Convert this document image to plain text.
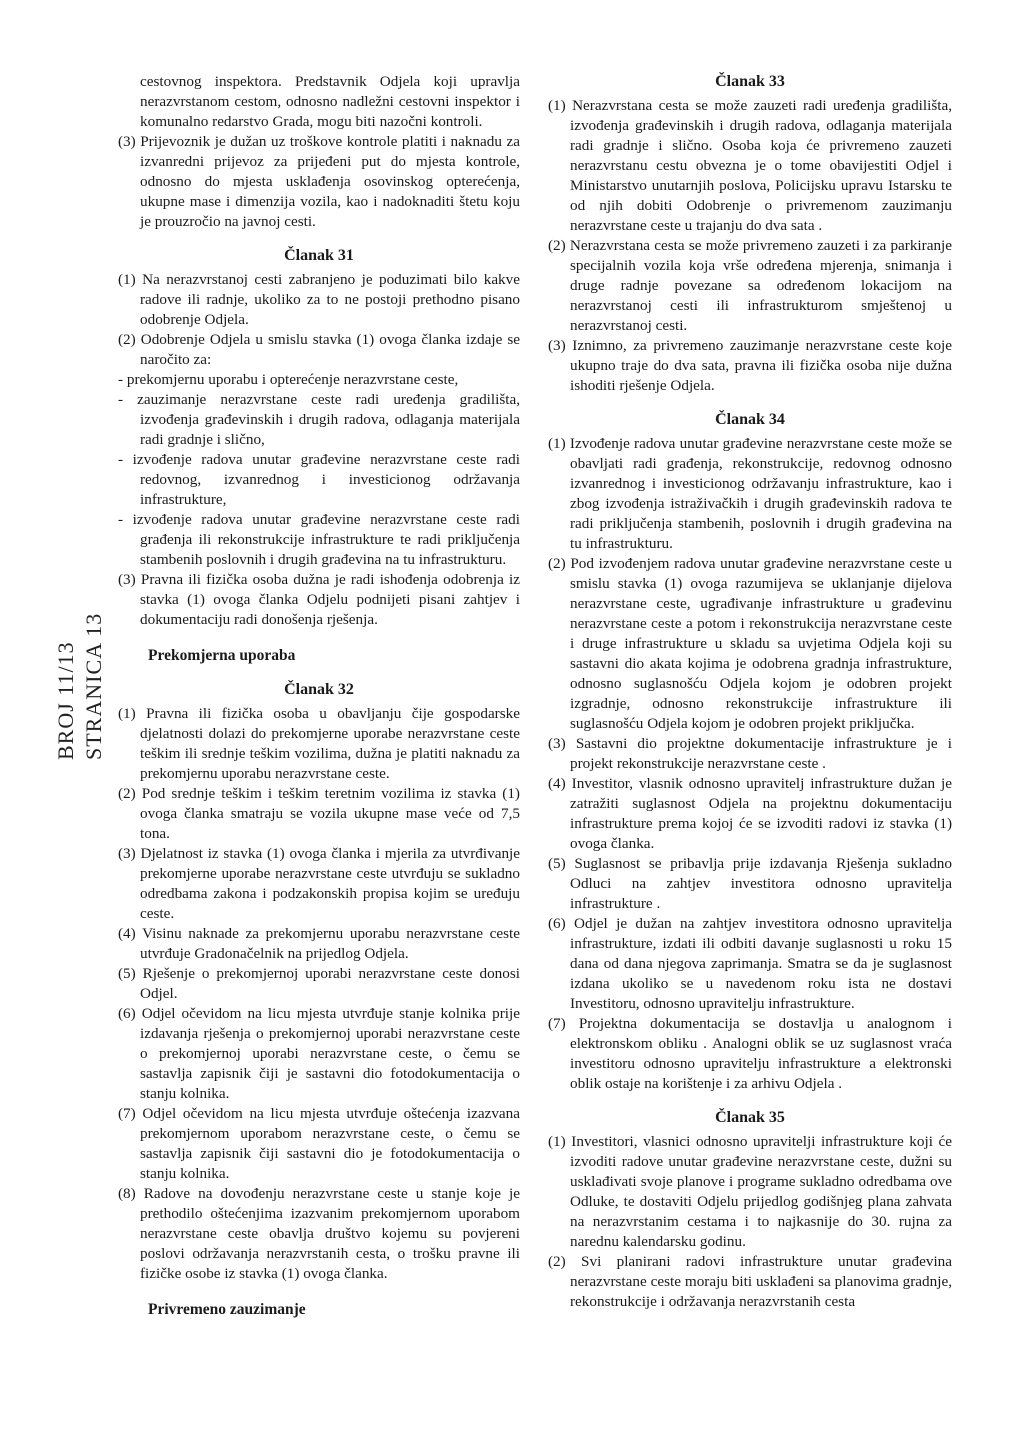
BROJ 11/13 STRANICA 13

cestovnog inspektora. Predstavnik Odjela koji upravlja nerazvrstanom cestom, odnosno nadležni cestovni inspektor i komunalno redarstvo Grada, mogu biti nazočni kontroli.

(3) Prijevoznik je dužan uz troškove kontrole platiti i naknadu za izvanredni prijevoz za prijeđeni put do mjesta kontrole, odnosno do mjesta usklađenja osovinskog opterećenja, ukupne mase i dimenzija vozila, kao i nadoknaditi štetu koju je prouzročio na javnoj cesti.

Članak 31

(1) Na nerazvrstanoj cesti zabranjeno je poduzimati bilo kakve radove ili radnje, ukoliko za to ne postoji prethodno pisano odobrenje Odjela.

(2) Odobrenje Odjela u smislu stavka (1) ovoga članka izdaje se naročito za:

- prekomjernu uporabu i opterećenje nerazvrstane ceste,

- zauzimanje nerazvrstane ceste radi uređenja gradilišta, izvođenja građevinskih i drugih radova, odlaganja materijala radi gradnje i slično,

- izvođenje radova unutar građevine nerazvrstane ceste radi redovnog, izvanrednog i investicionog održavanja infrastrukture,

- izvođenje radova unutar građevine nerazvrstane ceste radi građenja ili rekonstrukcije infrastrukture te radi priključenja stambenih poslovnih i drugih građevina na tu infrastrukturu.

(3) Pravna ili fizička osoba dužna je radi ishođenja odobrenja iz stavka (1) ovoga članka Odjelu podnijeti pisani zahtjev i dokumentaciju radi donošenja rješenja.

Prekomjerna uporaba
Članak 32

(1) Pravna ili fizička osoba u obavljanju čije gospodarske djelatnosti dolazi do prekomjerne uporabe nerazvrstane ceste teškim ili srednje teškim vozilima, dužna je platiti naknadu za prekomjernu uporabu nerazvrstane ceste.

(2) Pod srednje teškim i teškim teretnim vozilima iz stavka (1) ovoga članka smatraju se vozila ukupne mase veće od 7,5 tona.

(3) Djelatnost iz stavka (1) ovoga članka i mjerila za utvrđivanje prekomjerne uporabe nerazvrstane ceste utvrđuju se sukladno odredbama zakona i podzakonskih propisa kojim se uređuju ceste.

(4) Visinu naknade za prekomjernu uporabu nerazvrstane ceste utvrđuje Gradonačelnik na prijedlog Odjela.

(5) Rješenje o prekomjernoj uporabi nerazvrstane ceste donosi Odjel.

(6) Odjel očevidom na licu mjesta utvrđuje stanje kolnika prije izdavanja rješenja o prekomjernoj uporabi nerazvrstane ceste o prekomjernoj uporabi nerazvrstane ceste, o čemu se sastavlja zapisnik čiji je sastavni dio fotodokumentacija o stanju kolnika.

(7) Odjel očevidom na licu mjesta utvrđuje oštećenja izazvana prekomjernom uporabom nerazvrstane ceste, o čemu se sastavlja zapisnik čiji sastavni dio je fotodokumentacija o stanju kolnika.

(8) Radove na dovođenju nerazvrstane ceste u stanje koje je prethodilo oštećenjima izazvanim prekomjernom uporabom nerazvrstane ceste obavlja društvo kojemu su povjereni poslovi održavanja nerazvrstanih cesta, o trošku pravne ili fizičke osobe iz stavka (1) ovoga članka.

Privremeno zauzimanje
Članak 33

(1) Nerazvrstana cesta se može zauzeti radi uređenja gradilišta, izvođenja građevinskih i drugih radova, odlaganja materijala radi gradnje i slično. Osoba koja će privremeno zauzeti nerazvrstanu cestu obvezna je o tome obavijestiti Odjel i Ministarstvo unutarnjih poslova, Policijsku upravu Istarsku te od njih dobiti Odobrenje o privremenom zauzimanju nerazvrstane ceste u trajanju do dva sata .

(2) Nerazvrstana cesta se može privremeno zauzeti i za parkiranje specijalnih vozila koja vrše određena mjerenja, snimanja i druge radnje povezane sa određenom lokacijom na nerazvrstanoj cesti ili infrastrukturom smještenoj u nerazvrstanoj cesti.

(3) Iznimno, za privremeno zauzimanje nerazvrstane ceste koje ukupno traje do dva sata, pravna ili fizička osoba nije dužna ishoditi rješenje Odjela.

Članak 34

(1) Izvođenje radova unutar građevine nerazvrstane ceste može se obavljati radi građenja, rekonstrukcije, redovnog odnosno izvanrednog i investicionog održavanju infrastrukture, kao i zbog izvođenja istraživačkih i drugih građevinskih radova te radi priključenja stambenih, poslovnih i drugih građevina na tu infrastrukturu.

(2) Pod izvođenjem radova unutar građevine nerazvrstane ceste u smislu stavka (1) ovoga razumijeva se uklanjanje dijelova nerazvrstane ceste, ugrađivanje infrastrukture u građevinu nerazvrstane ceste a potom i rekonstrukcija nerazvrstane ceste i druge infrastrukture u skladu sa uvjetima Odjela koji su sastavni dio akata kojima je odobrena gradnja infrastrukture, odnosno suglasnošću Odjela kojom je odobren projekt izgradnje, odnosno rekonstrukcije infrastrukture ili suglasnošću Odjela kojom je odobren projekt priključka.

(3) Sastavni dio projektne dokumentacije infrastrukture je i projekt rekonstrukcije nerazvrstane ceste .

(4) Investitor, vlasnik odnosno upravitelj infrastrukture dužan je zatražiti suglasnost Odjela na projektnu dokumentaciju infrastrukture prema kojoj će se izvoditi radovi iz stavka (1) ovoga članka.

(5) Suglasnost se pribavlja prije izdavanja Rješenja sukladno Odluci na zahtjev investitora odnosno upravitelja infrastrukture .

(6) Odjel je dužan na zahtjev investitora odnosno upravitelja infrastrukture, izdati ili odbiti davanje suglasnosti u roku 15 dana od dana njegova zaprimanja. Smatra se da je suglasnost izdana ukoliko se u navedenom roku ista ne dostavi Investitoru, odnosno upravitelju infrastrukture.

(7) Projektna dokumentacija se dostavlja u analognom i elektronskom obliku . Analogni oblik se uz suglasnost vraća investitoru odnosno upravitelju infrastrukture a elektronski oblik ostaje na korištenje i za arhivu Odjela .

Članak 35

(1) Investitori, vlasnici odnosno upravitelji infrastrukture koji će izvoditi radove unutar građevine nerazvrstane ceste, dužni su usklađivati svoje planove i programe sukladno odredbama ove Odluke, te dostaviti Odjelu prijedlog godišnjeg plana zahvata na nerazvrstanim cestama i to najkasnije do 30. rujna za narednu kalendarsku godinu.

(2) Svi planirani radovi infrastrukture unutar građevina nerazvrstane ceste moraju biti usklađeni sa planovima gradnje, rekonstrukcije i održavanja nerazvrstanih cesta
